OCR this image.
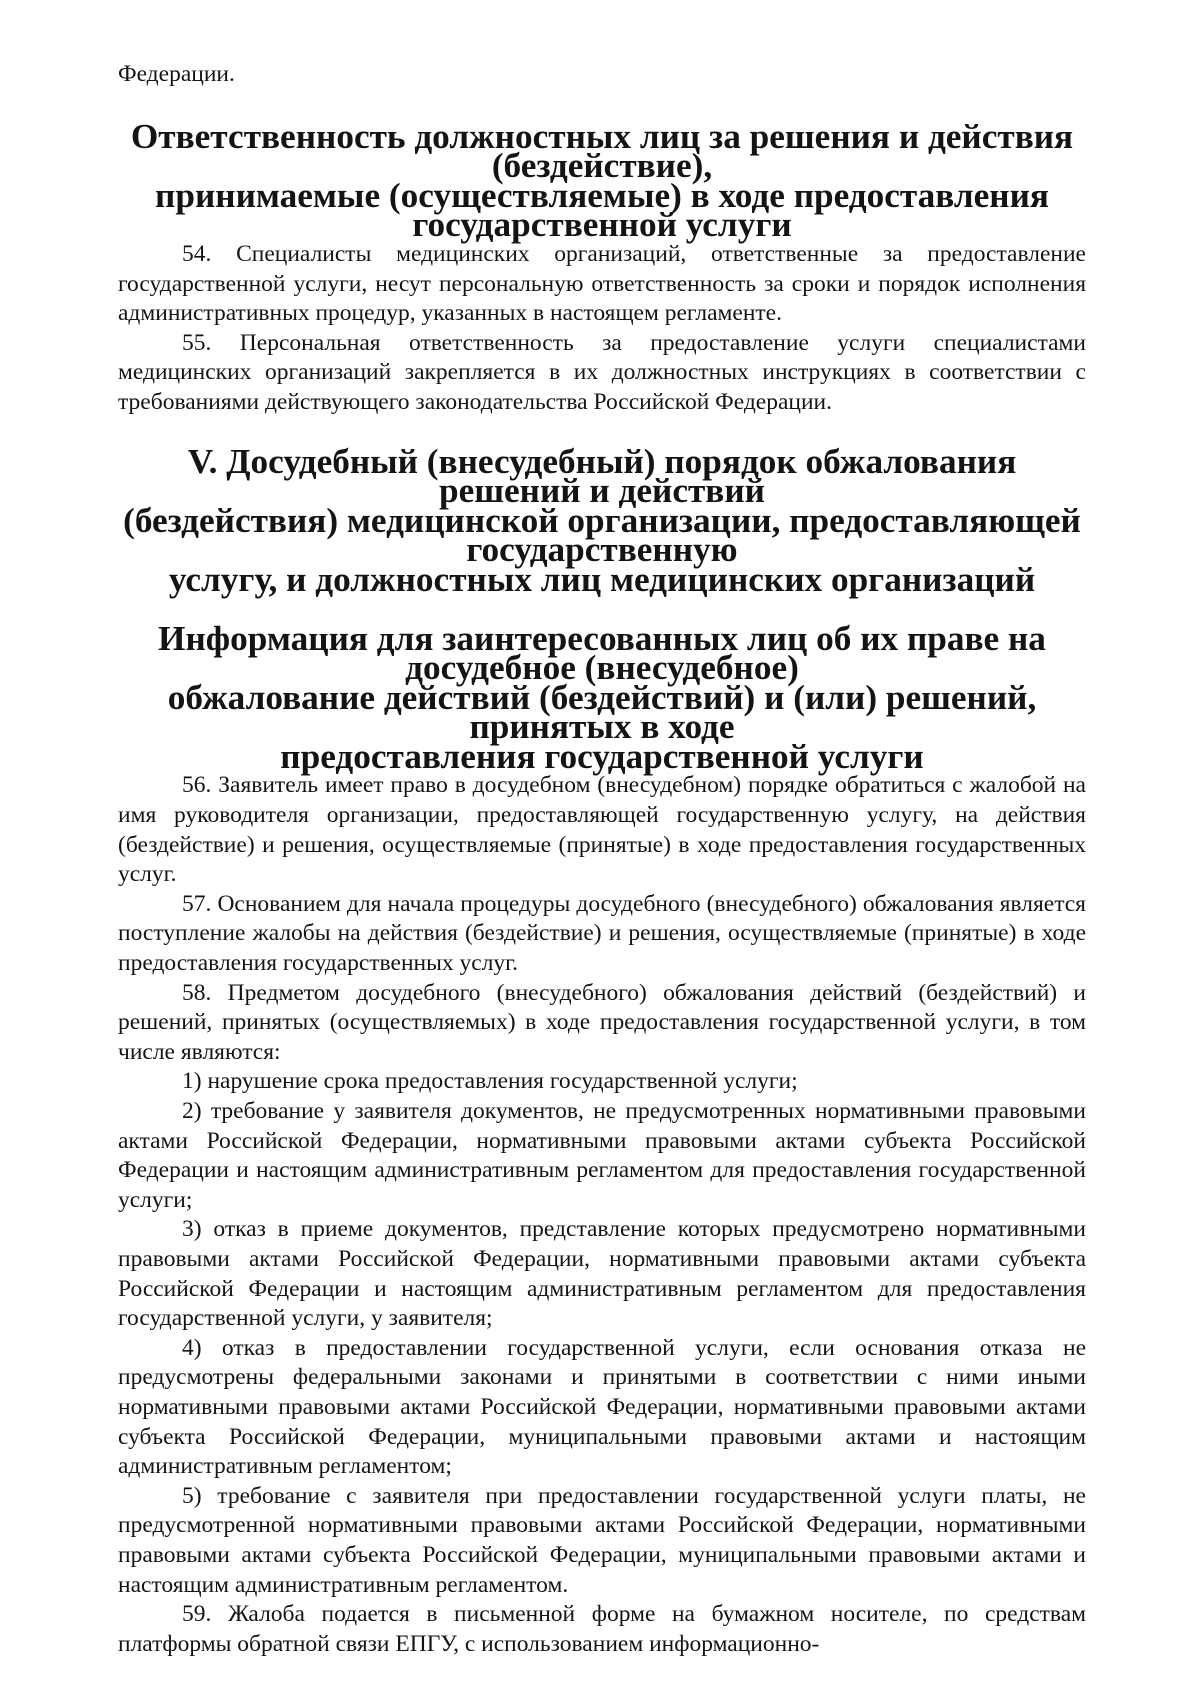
Федерации.

Ответственность должностных лиц за решения и действия (бездействие),
принимаемые (осуществляемые) в ходе предоставления государственной услуги

54. Специалисты медицинских организаций, ответственные за предоставление государственной услуги, несут персональную ответственность за сроки и порядок исполнения административных процедур, указанных в настоящем регламенте.

55. Персональная ответственность за предоставление услуги специалистами медицинских организаций закрепляется в их должностных инструкциях в соответствии с требованиями действующего законодательства Российской Федерации.

V. Досудебный (внесудебный) порядок обжалования решений и действий
(бездействия) медицинской организации, предоставляющей государственную
услугу, и должностных лиц медицинских организаций
Информация для заинтересованных лиц об их праве на досудебное (внесудебное)
обжалование действий (бездействий) и (или) решений, принятых в ходе
предоставления государственной услуги

56. Заявитель имеет право в досудебном (внесудебном) порядке обратиться с жалобой на имя руководителя организации, предоставляющей государственную услугу, на действия (бездействие) и решения, осуществляемые (принятые) в ходе предоставления государственных услуг.

57. Основанием для начала процедуры досудебного (внесудебного) обжалования является поступление жалобы на действия (бездействие) и решения, осуществляемые (принятые) в ходе предоставления государственных услуг.

58. Предметом досудебного (внесудебного) обжалования действий (бездействий) и решений, принятых (осуществляемых) в ходе предоставления государственной услуги, в том числе являются:

1) нарушение срока предоставления государственной услуги;

2) требование у заявителя документов, не предусмотренных нормативными правовыми актами Российской Федерации, нормативными правовыми актами субъекта Российской Федерации и настоящим административным регламентом для предоставления государственной услуги;

3) отказ в приеме документов, представление которых предусмотрено нормативными правовыми актами Российской Федерации, нормативными правовыми актами субъекта Российской Федерации и настоящим административным регламентом для предоставления государственной услуги, у заявителя;

4) отказ в предоставлении государственной услуги, если основания отказа не предусмотрены федеральными законами и принятыми в соответствии с ними иными нормативными правовыми актами Российской Федерации, нормативными правовыми актами субъекта Российской Федерации, муниципальными правовыми актами и настоящим административным регламентом;

5) требование с заявителя при предоставлении государственной услуги платы, не предусмотренной нормативными правовыми актами Российской Федерации, нормативными правовыми актами субъекта Российской Федерации, муниципальными правовыми актами и настоящим административным регламентом.

59. Жалоба подается в письменной форме на бумажном носителе, по средствам платформы обратной связи ЕПГУ, с использованием информационно-
